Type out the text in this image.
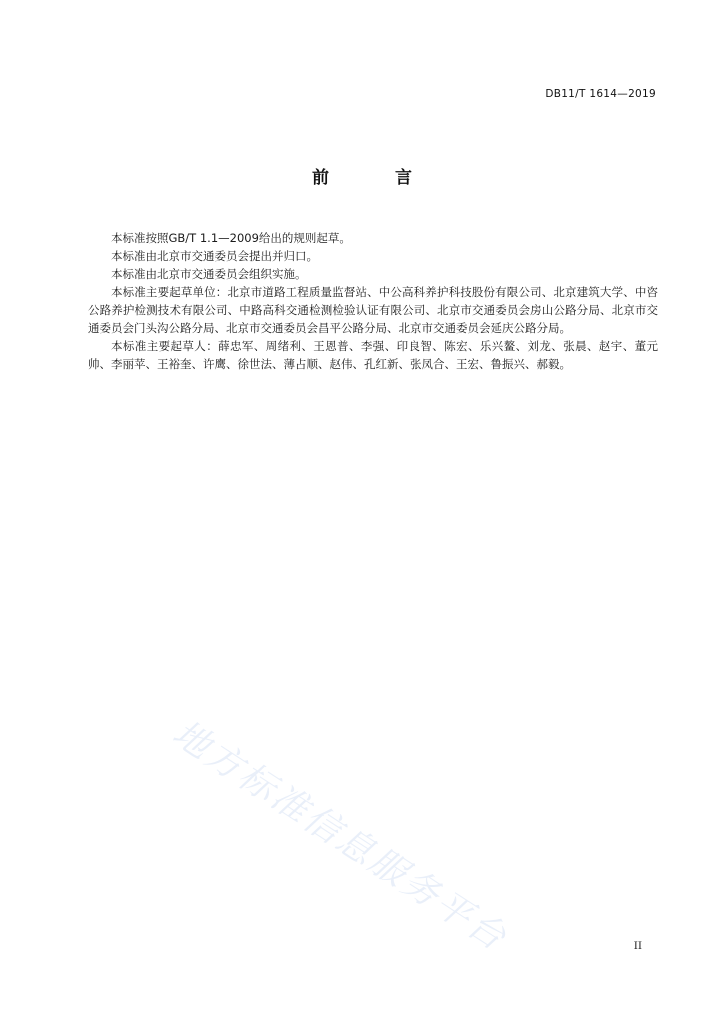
DB11/T 1614—2019
前 言

本标准按照GB/T 1.1—2009给出的规则起草。

本标准由北京市交通委员会提出并归口。

本标准由北京市交通委员会组织实施。

本标准主要起草单位：北京市道路工程质量监督站、中公高科养护科技股份有限公司、北京建筑大学、中咨公路养护检测技术有限公司、中路高科交通检测检验认证有限公司、北京市交通委员会房山公路分局、北京市交通委员会门头沟公路分局、北京市交通委员会昌平公路分局、北京市交通委员会延庆公路分局。

本标准主要起草人：薛忠军、周绪利、王恩普、李强、印良智、陈宏、乐兴鳌、刘龙、张晨、赵宇、董元帅、李丽苹、王裕奎、许鹰、徐世法、薄占顺、赵伟、孔红新、张凤合、王宏、鲁振兴、郝毅。

地方标准信息服务平台	II
